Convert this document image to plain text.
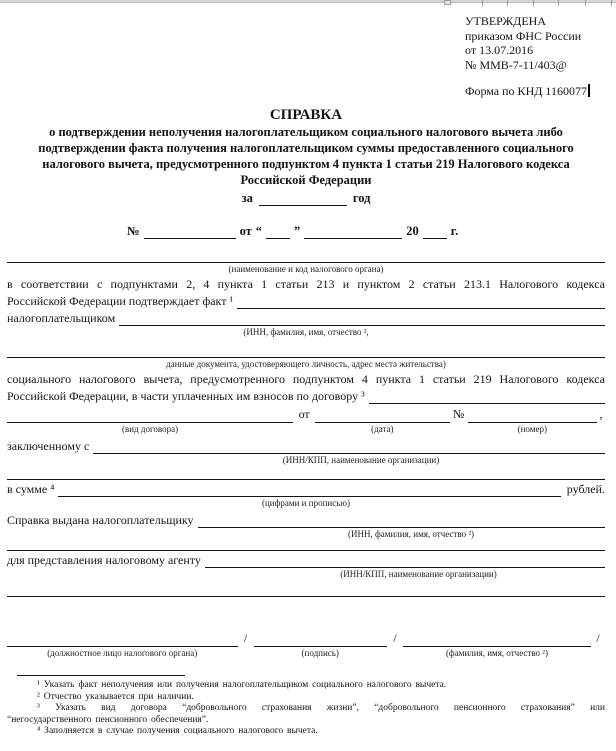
УТВЕРЖДЕНА
приказом ФНС России
от 13.07.2016
№ ММВ-7-11/403@
Форма по КНД 1160077
СПРАВКА
о подтверждении неполучения налогоплательщиком социального налогового вычета либо подтверждении факта получения налогоплательщиком суммы предоставленного социального налогового вычета, предусмотренного подпунктом 4 пункта 1 статьи 219 Налогового кодекса
Российской Федерации
за	год
№	от “	”	20	г.
(наименование и код налогового органа)
в соответствии с подпунктами 2, 4 пункта 1 статьи 213 и пунктом 2 статьи 213.1 Налогового кодекса
Российской Федерации подтверждает факт ¹
налогоплательщиком
(ИНН, фамилия, имя, отчество ²,
данные документа, удостоверяющего личность, адрес места жительства)
социального налогового вычета, предусмотренного подпунктом 4 пункта 1 статьи 219 Налогового кодекса
Российской Федерации, в части уплаченных им взносов по договору ³
от	№	,
(вид договора)	(дата)	(номер)
заключенному с
(ИНН/КПП, наименование организации)
в сумме ⁴	рублей.
(цифрами и прописью)
Справка выдана налогоплательщику
(ИНН, фамилия, имя, отчество ²)
для представления налоговому агенту
(ИНН/КПП, наименование организации)
/	/	/
(должностное лицо налогового органа)	(подпись)	(фамилия, имя, отчество ²)
¹ Указать факт неполучения или получения налогоплательщиком социального налогового вычета.
² Отчество указывается при наличии.
³ Указать вид договора “добровольного страхования жизни”, “добровольного пенсионного страхования” или
“негосударственного пенсионного обеспечения”.
⁴ Заполняется в случае получения социального налогового вычета.
